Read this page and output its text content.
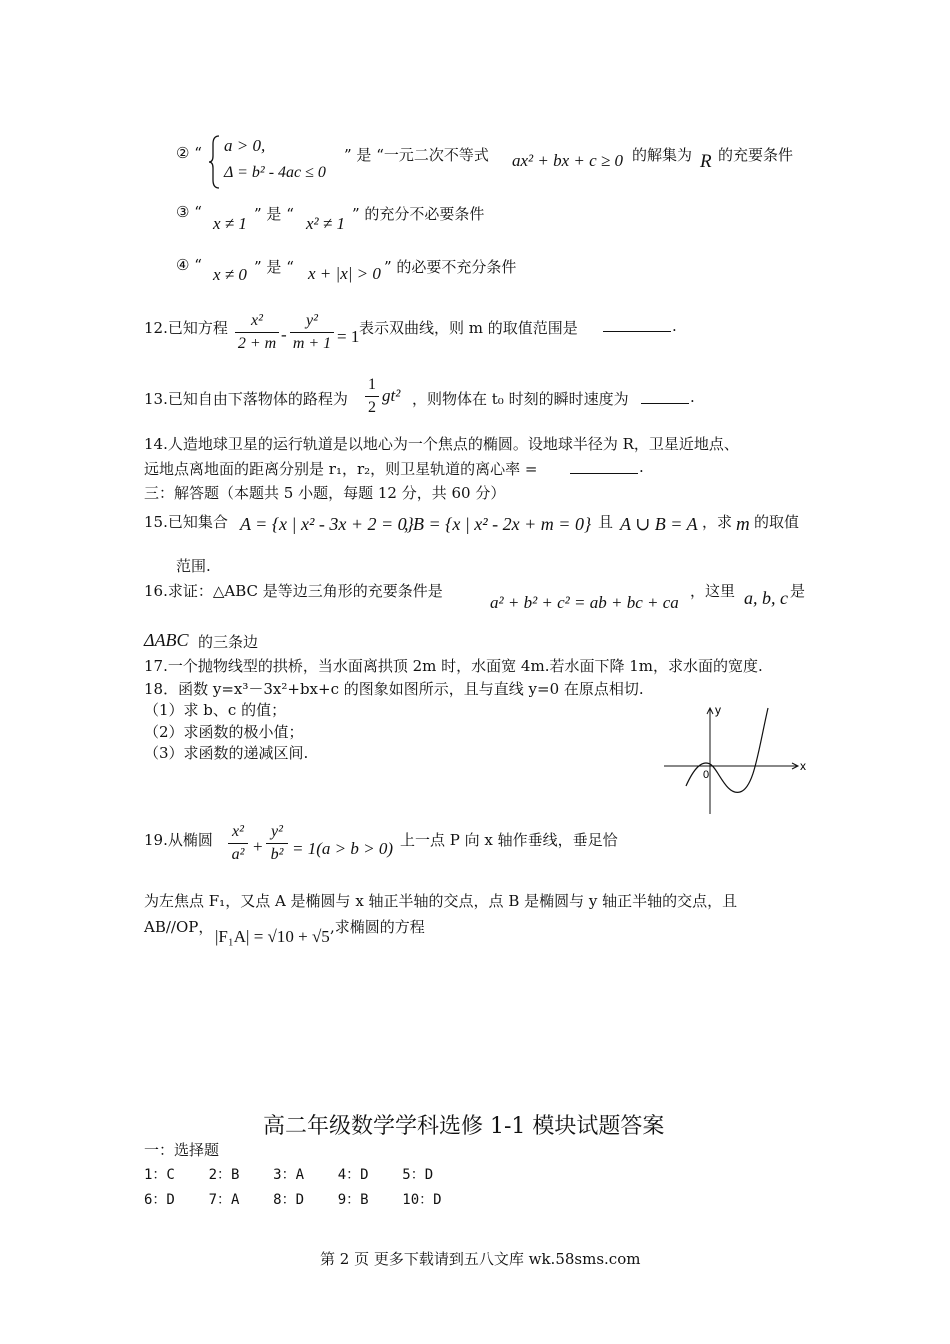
② “ a > 0,
Δ = b² - 4ac ≤ 0
” 是 “一元二次不等式 ax² + bx + c ≥ 0 的解集为 R 的充要条件
③ “
x ≠ 1 ” 是 “ x² ≠ 1 ” 的充分不必要条件
④ “ x ≠ 0 ” 是 “ x + |x| > 0 ” 的必要不充分条件
12.已知方程 $\frac{\text{x²}}{2 + m} - \frac{\text{y²}}{m + 1} = 1$ 表示双曲线，则 m 的取值范围是	.
13.已知自由下落物体的路程为 $\frac{1}{2} gt^2$ ，则物体在 t₀ 时刻的瞬时速度为	.
14.人造地球卫星的运行轨道是以地心为一个焦点的椭圆。设地球半径为 R，卫星近地点、
远地点离地面的距离分别是 r₁，r₂，则卫星轨道的离心率 =	.
三：解答题（本题共 5 小题，每题 12 分，共 60 分）
15.已知集合 A = {x | x² - 3x + 2 = 0}
, B = {x | x² - 2x + m = 0} 且 A ∪ B = A ，求 m 的取值
范围.
16.求证：△ABC 是等边三角形的充要条件是
a² + b² + c² = ab + bc + ca
，这里 a, b, c 是
ΔABC 的三条边
17.一个抛物线型的拱桥，当水面离拱顶 2m 时，水面宽 4m.若水面下降 1m，求水面的宽度.
18．函数 y=x³－3x²+bx+c 的图象如图所示，且与直线 y=0 在原点相切.
（1）求 b、c 的值；
（2）求函数的极小值；
（3）求函数的递减区间.
x
y
0
19.从椭圆 $\frac{\text{x²}}{\text{a²}} + \frac{\text{y²}}{\text{b²}} = 1(a > b > 0)$ 上一点 P 向 x 轴作垂线，垂足恰
为左焦点 F₁，又点 A 是椭圆与 x 轴正半轴的交点，点 B 是椭圆与 y 轴正半轴的交点，且
AB//OP， |F₁A| = √10 + √5 ,求椭圆的方程
高二年级数学学科选修 1-1 模块试题答案
一：选择题
1：C    2：B    3：A    4：D    5：D
6：D    7：A    8：D    9：B    10：D
第 2 页 更多下载请到五八文库 wk.58sms.com
